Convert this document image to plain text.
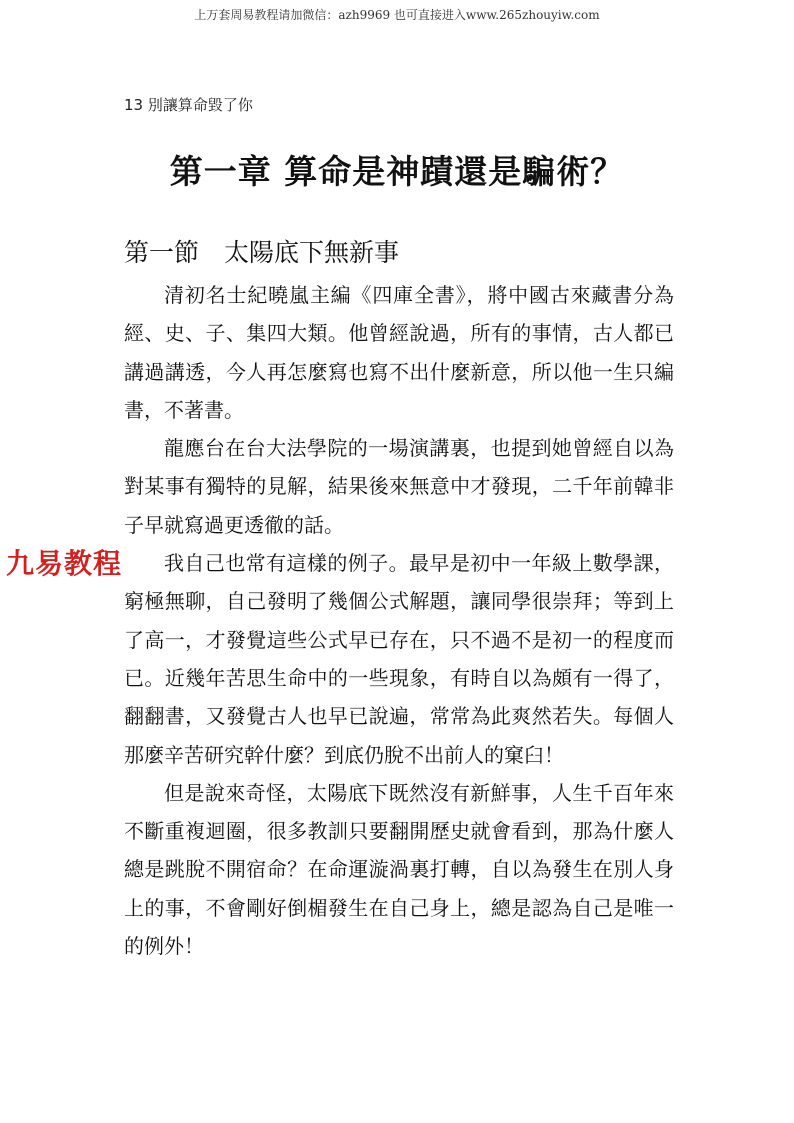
上万套周易教程请加微信：azh9969 也可直接进入www.265zhouyiw.com
13 別讓算命毀了你
第一章 算命是神蹟還是騙術？
第一節　太陽底下無新事

清初名士紀曉嵐主編《四庫全書》，將中國古來藏書分為經、史、子、集四大類。他曾經說過，所有的事情，古人都已講過講透，今人再怎麼寫也寫不出什麼新意，所以他一生只編書，不著書。

龍應台在台大法學院的一場演講裏，也提到她曾經自以為對某事有獨特的見解，結果後來無意中才發現，二千年前韓非子早就寫過更透徹的話。

我自己也常有這樣的例子。最早是初中一年級上數學課，窮極無聊，自己發明了幾個公式解題，讓同學很崇拜；等到上了高一，才發覺這些公式早已存在，只不過不是初一的程度而已。近幾年苦思生命中的一些現象，有時自以為頗有一得了，翻翻書，又發覺古人也早已說遍，常常為此爽然若失。每個人那麼辛苦研究幹什麼？到底仍脫不出前人的窠臼！

但是說來奇怪，太陽底下既然沒有新鮮事，人生千百年來不斷重複迴圈，很多教訓只要翻開歷史就會看到，那為什麼人總是跳脫不開宿命？在命運漩渦裏打轉，自以為發生在別人身上的事，不會剛好倒楣發生在自己身上，總是認為自己是唯一的例外！

九易教程
